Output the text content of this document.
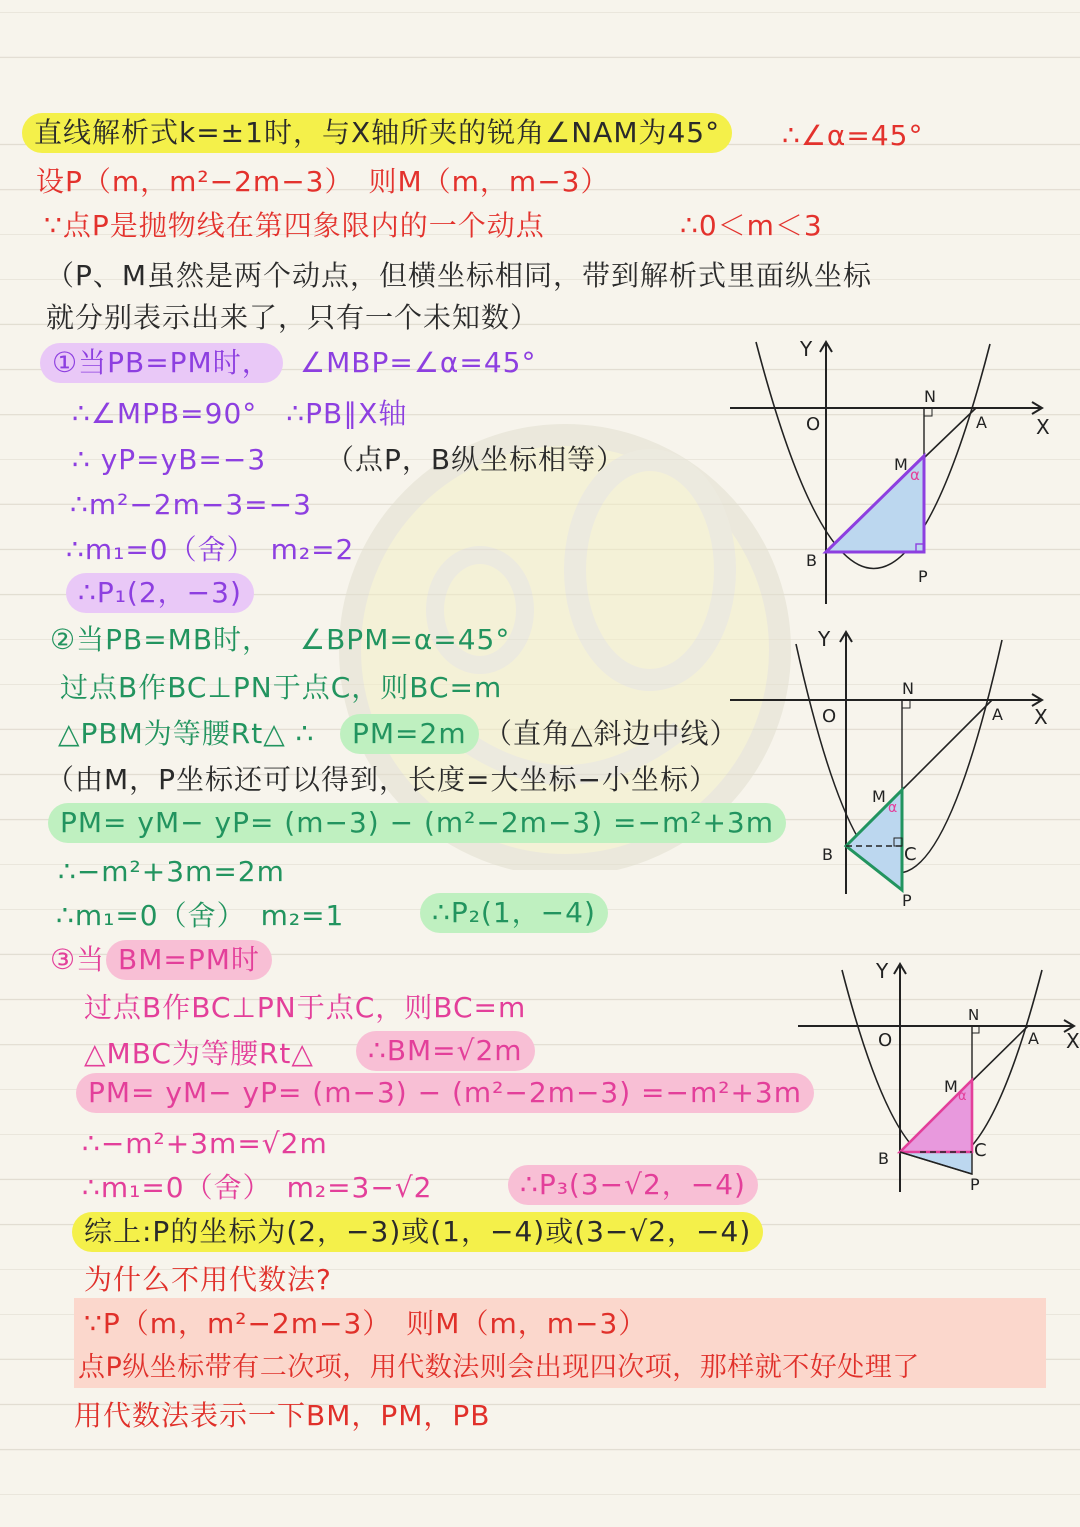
直线解析式k=±1时，与X轴所夹的锐角∠NAM为45°	∴∠α=45°
设P（m，m²−2m−3）　则M（m，m−3）
∵点P是抛物线在第四象限内的一个动点	∴0＜m＜3
（P、M虽然是两个动点，但横坐标相同，带到解析式里面纵坐标
就分别表示出来了，只有一个未知数）
①当PB=PM时，	∠MBP=∠α=45°
∴∠MPB=90°　∴PB∥X轴
∴ yP=yB=−3 （点P，B纵坐标相等）
∴m²−2m−3=−3
∴m₁=0（舍）　m₂=2
∴P₁(2，−3)
②当PB=MB时， ∠BPM=α=45°
过点B作BC⊥PN于点C，则BC=m
△PBM为等腰Rt△ ∴	PM=2m （直角△斜边中线）
（由M，P坐标还可以得到，长度=大坐标−小坐标）
PM= yM− yP= (m−3) − (m²−2m−3) =−m²+3m
∴−m²+3m=2m
∴m₁=0（舍）　m₂=1	∴P₂(1，−4)
③当 BM=PM时
过点B作BC⊥PN于点C，则BC=m
△MBC为等腰Rt△	∴BM=√2m
PM= yM− yP= (m−3) − (m²−2m−3) =−m²+3m
∴−m²+3m=√2m
∴m₁=0（舍）　m₂=3−√2	∴P₃(3−√2，−4)
综上:P的坐标为(2，−3)或(1，−4)或(3−√2，−4)
为什么不用代数法?
∵P（m，m²−2m−3）　则M（m，m−3）
点P纵坐标带有二次项，用代数法则会出现四次项，那样就不好处理了
用代数法表示一下BM，PM，PB
Y
X
O	A
N
M
α
B
P
Y
X
O	A
N
M
α
B	C
P
Y
X
O	A
N
M
α
B	C
P
